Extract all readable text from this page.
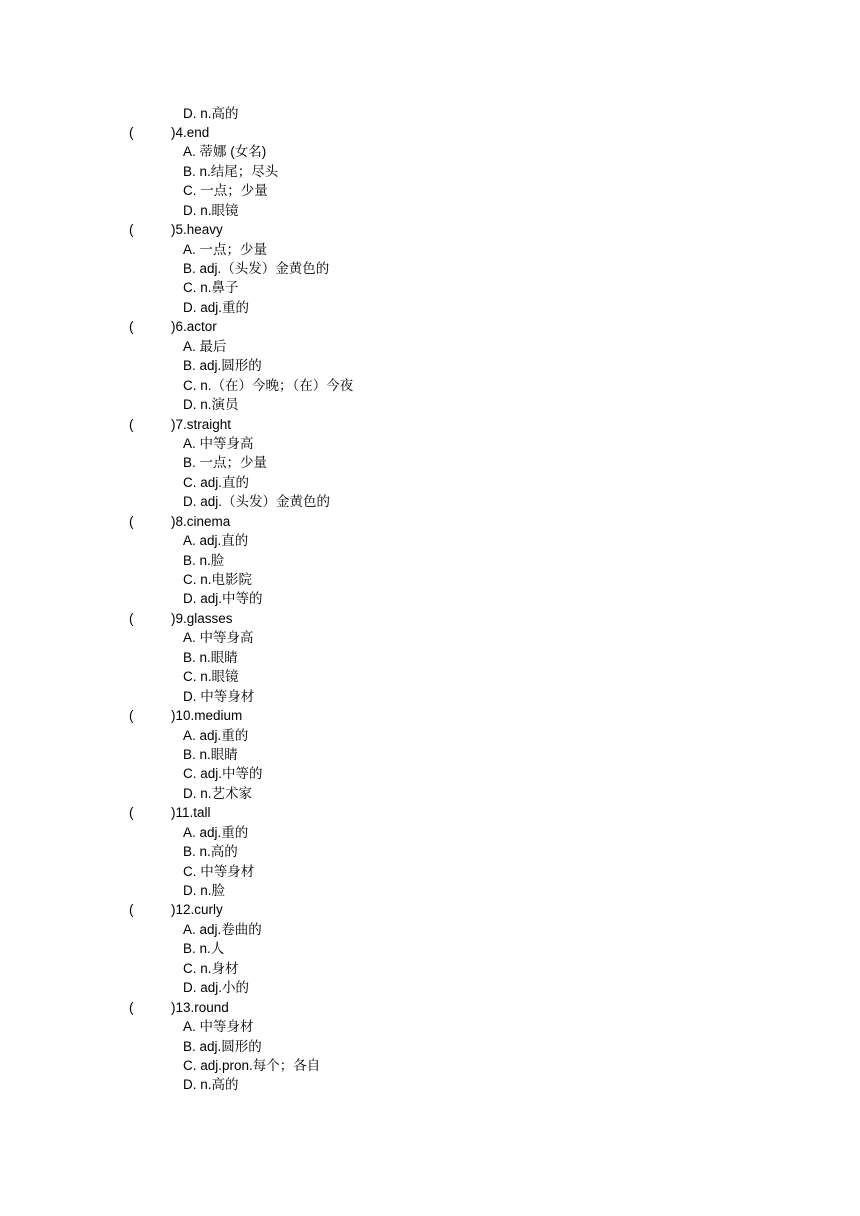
D. n.高的
(	)4.end
A. 蒂娜 (女名)
B. n.结尾；尽头
C. 一点；少量
D. n.眼镜
(	)5.heavy
A. 一点；少量
B. adj.（头发）金黄色的
C. n.鼻子
D. adj.重的
(	)6.actor
A. 最后
B. adj.圆形的
C. n.（在）今晚；（在）今夜
D. n.演员
(	)7.straight
A. 中等身高
B. 一点；少量
C. adj.直的
D. adj.（头发）金黄色的
(	)8.cinema
A. adj.直的
B. n.脸
C. n.电影院
D. adj.中等的
(	)9.glasses
A. 中等身高
B. n.眼睛
C. n.眼镜
D. 中等身材
(	)10.medium
A. adj.重的
B. n.眼睛
C. adj.中等的
D. n.艺术家
(	)11.tall
A. adj.重的
B. n.高的
C. 中等身材
D. n.脸
(	)12.curly
A. adj.卷曲的
B. n.人
C. n.身材
D. adj.小的
(	)13.round
A. 中等身材
B. adj.圆形的
C. adj.pron.每个；各自
D. n.高的
